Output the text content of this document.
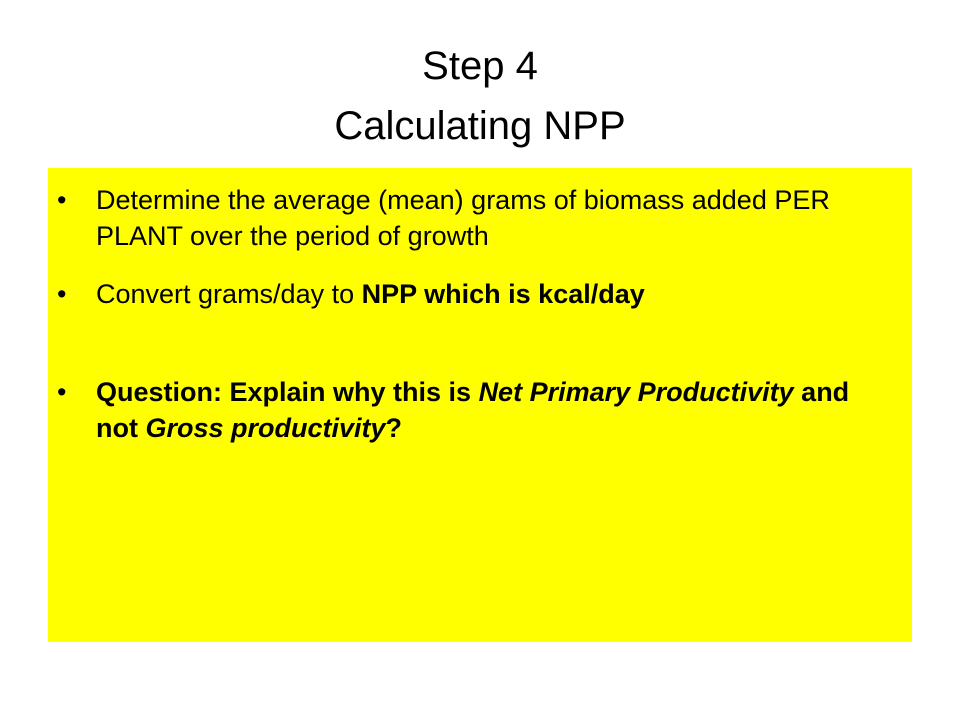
Step 4
Calculating NPP
• Determine the average (mean) grams of biomass added PER PLANT over the period of growth
• Convert grams/day to NPP which is kcal/day
• Question: Explain why this is Net Primary Productivity and not Gross productivity?
